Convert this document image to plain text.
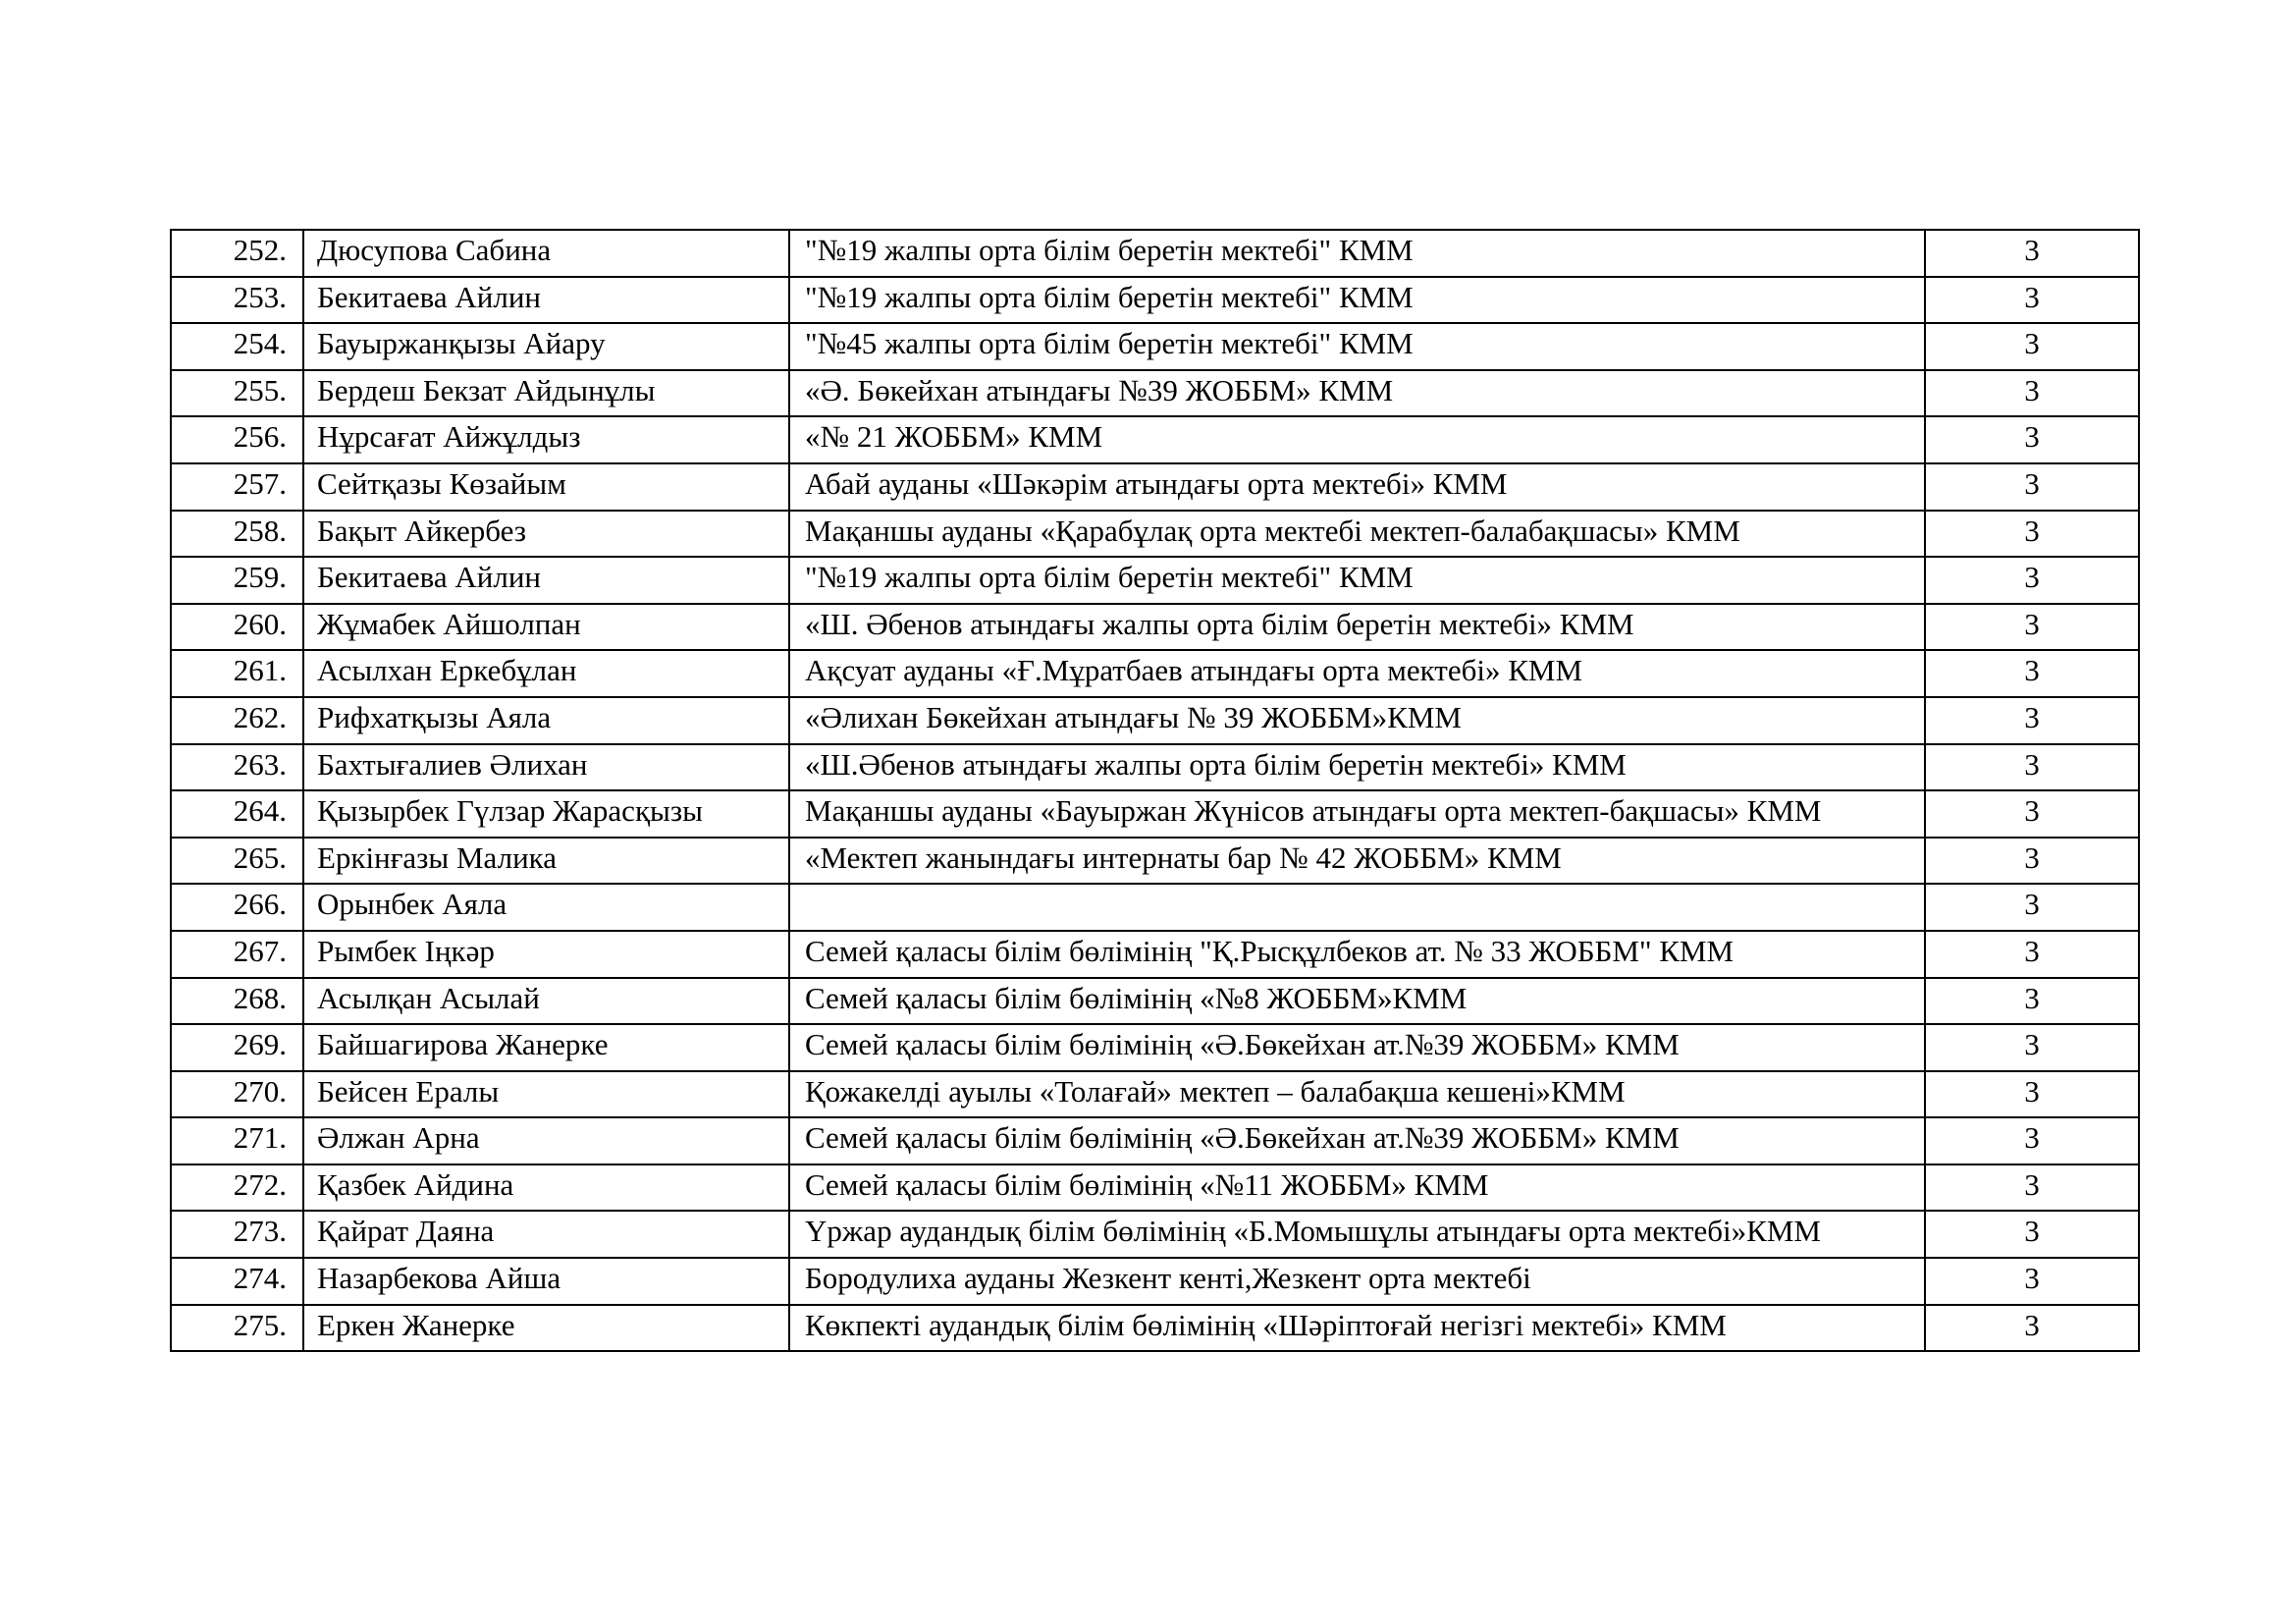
252.	Дюсупова Сабина	"№19 жалпы орта білім беретін мектебі" КММ	3

253.	Бекитаева Айлин	"№19 жалпы орта білім беретін мектебі" КММ	3

254.	Бауыржанқызы Айару	"№45 жалпы орта білім беретін мектебі" КММ	3

255.	Бердеш Бекзат Айдынұлы	«Ә. Бөкейхан атындағы №39 ЖОББМ» КММ	3

256.	Нұрсағат Айжұлдыз	«№ 21 ЖОББМ» КММ	3

257.	Сейтқазы Көзайым	Абай ауданы «Шәкәрім атындағы орта мектебі» КММ	3

258.	Бақыт Айкербез	Мақаншы ауданы «Қарабұлақ орта мектебі мектеп-балабақшасы» КММ	3

259.	Бекитаева Айлин	"№19 жалпы орта білім беретін мектебі" КММ	3

260.	Жұмабек Айшолпан	«Ш. Әбенов атындағы жалпы орта білім беретін мектебі» КММ	3

261.	Асылхан Еркебұлан	Ақсуат ауданы «Ғ.Мұратбаев атындағы орта мектебі» КММ	3

262.	Рифхатқызы Аяла	«Әлихан Бөкейхан атындағы № 39 ЖОББМ»КММ	3

263.	Бахтығалиев Әлихан	«Ш.Әбенов атындағы жалпы орта білім беретін мектебі» КММ	3

264.	Қызырбек Гүлзар Жарасқызы	Мақаншы ауданы «Бауыржан Жүнісов атындағы орта мектеп-бақшасы» КММ	3

265.	Еркінғазы Малика	«Мектеп жанындағы интернаты бар № 42 ЖОББМ» КММ	3

266.	Орынбек Аяла		3

267.	Рымбек Іңкәр	Семей қаласы білім бөлімінің "Қ.Рысқұлбеков ат. № 33 ЖОББМ" КММ	3

268.	Асылқан Асылай	Семей қаласы білім бөлімінің «№8 ЖОББМ»КММ	3

269.	Байшагирова Жанерке	Семей қаласы білім бөлімінің «Ә.Бөкейхан ат.№39 ЖОББМ» КММ	3

270.	Бейсен Ералы	Қожакелді ауылы «Толағай» мектеп – балабақша кешені»КММ	3

271.	Әлжан Арна	Семей қаласы білім бөлімінің «Ә.Бөкейхан ат.№39 ЖОББМ» КММ	3

272.	Қазбек Айдина	Семей қаласы білім бөлімінің «№11 ЖОББМ» КММ	3

273.	Қайрат Даяна	Үржар аудандық білім бөлімінің «Б.Момышұлы атындағы орта мектебі»КММ	3

274.	Назарбекова Айша	Бородулиха ауданы Жезкент кенті,Жезкент орта мектебі	3

275.	Еркен Жанерке	Көкпекті аудандық білім бөлімінің «Шәріптоғай негізгі мектебі» КММ	3
